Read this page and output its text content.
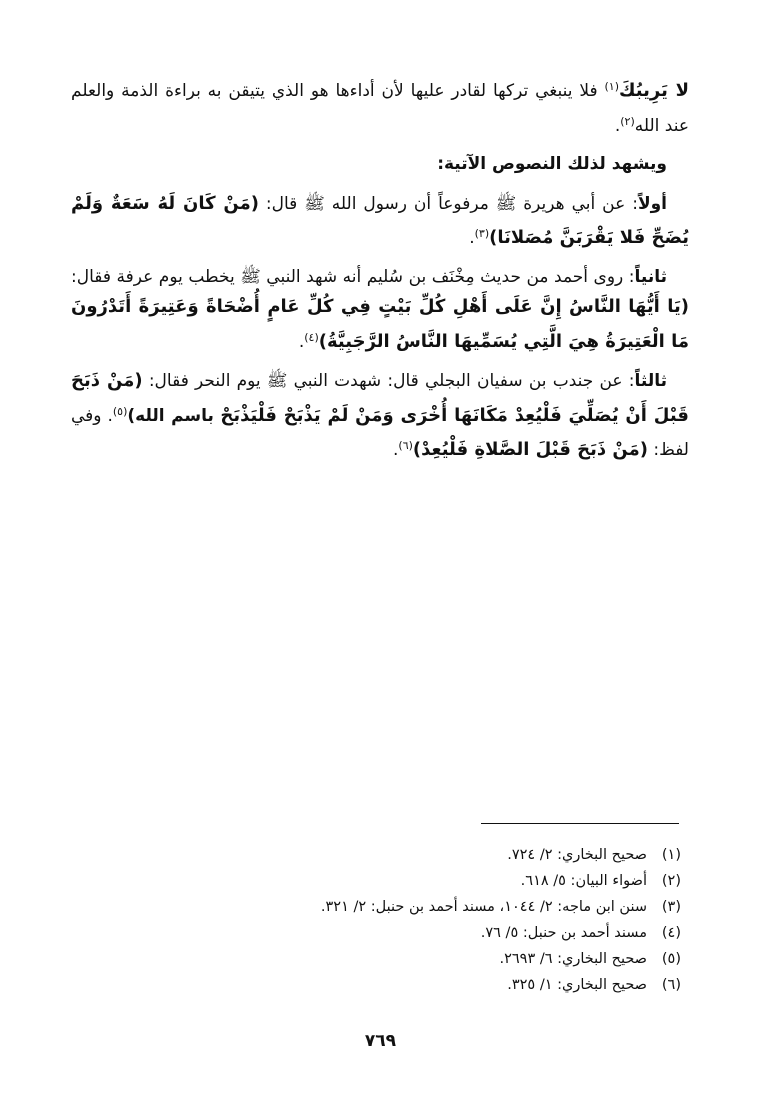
لا يَرِيبُكَ$^{(١)}$ فلا ينبغي تركها لقادر عليها لأن أداءها هو الذي يتيقن به براءة الذمة والعلم عند الله$^{(٢)}$.

ويشهد لذلك النصوص الآتية:

أولاً: عن أبي هريرة ﷺ مرفوعاً أن رسول الله ﷺ قال: (مَنْ كَانَ لَهُ سَعَةٌ وَلَمْ يُضَحِّ فَلا يَقْرَبَنَّ مُصَلانَا)$^{(٣)}$.

ثانياً: روى أحمد من حديث مِخْنَف بن سُليم أنه شهد النبي ﷺ يخطب يوم عرفة فقال: (يَا أَيُّهَا النَّاسُ إِنَّ عَلَى أَهْلِ كُلِّ بَيْتٍ فِي كُلِّ عَامٍ أُضْحَاةً وَعَتِيرَةً أَتَدْرُونَ مَا الْعَتِيرَةُ هِيَ الَّتِي يُسَمِّيهَا النَّاسُ الرَّجَبِيَّةُ)$^{(٤)}$.

ثالثاً: عن جندب بن سفيان البجلي قال: شهدت النبي ﷺ يوم النحر فقال: (مَنْ ذَبَحَ قَبْلَ أَنْ يُصَلِّيَ فَلْيُعِدْ مَكَانَهَا أُخْرَى وَمَنْ لَمْ يَذْبَحْ فَلْيَذْبَحْ باسم الله)$^{(٥)}$. وفي لفظ: (مَنْ ذَبَحَ قَبْلَ الصَّلاةِ فَلْيُعِدْ)$^{(٦)}$.

(١)صحيح البخاري: ٢/ ٧٢٤.
(٢)أضواء البيان: ٥/ ٦١٨.
(٣)سنن ابن ماجه: ٢/ ١٠٤٤، مسند أحمد بن حنبل: ٢/ ٣٢١.
(٤)مسند أحمد بن حنبل: ٥/ ٧٦.
(٥)صحيح البخاري: ٦/ ٢٦٩٣.
(٦)صحيح البخاري: ١/ ٣٢٥.
٧٦٩
